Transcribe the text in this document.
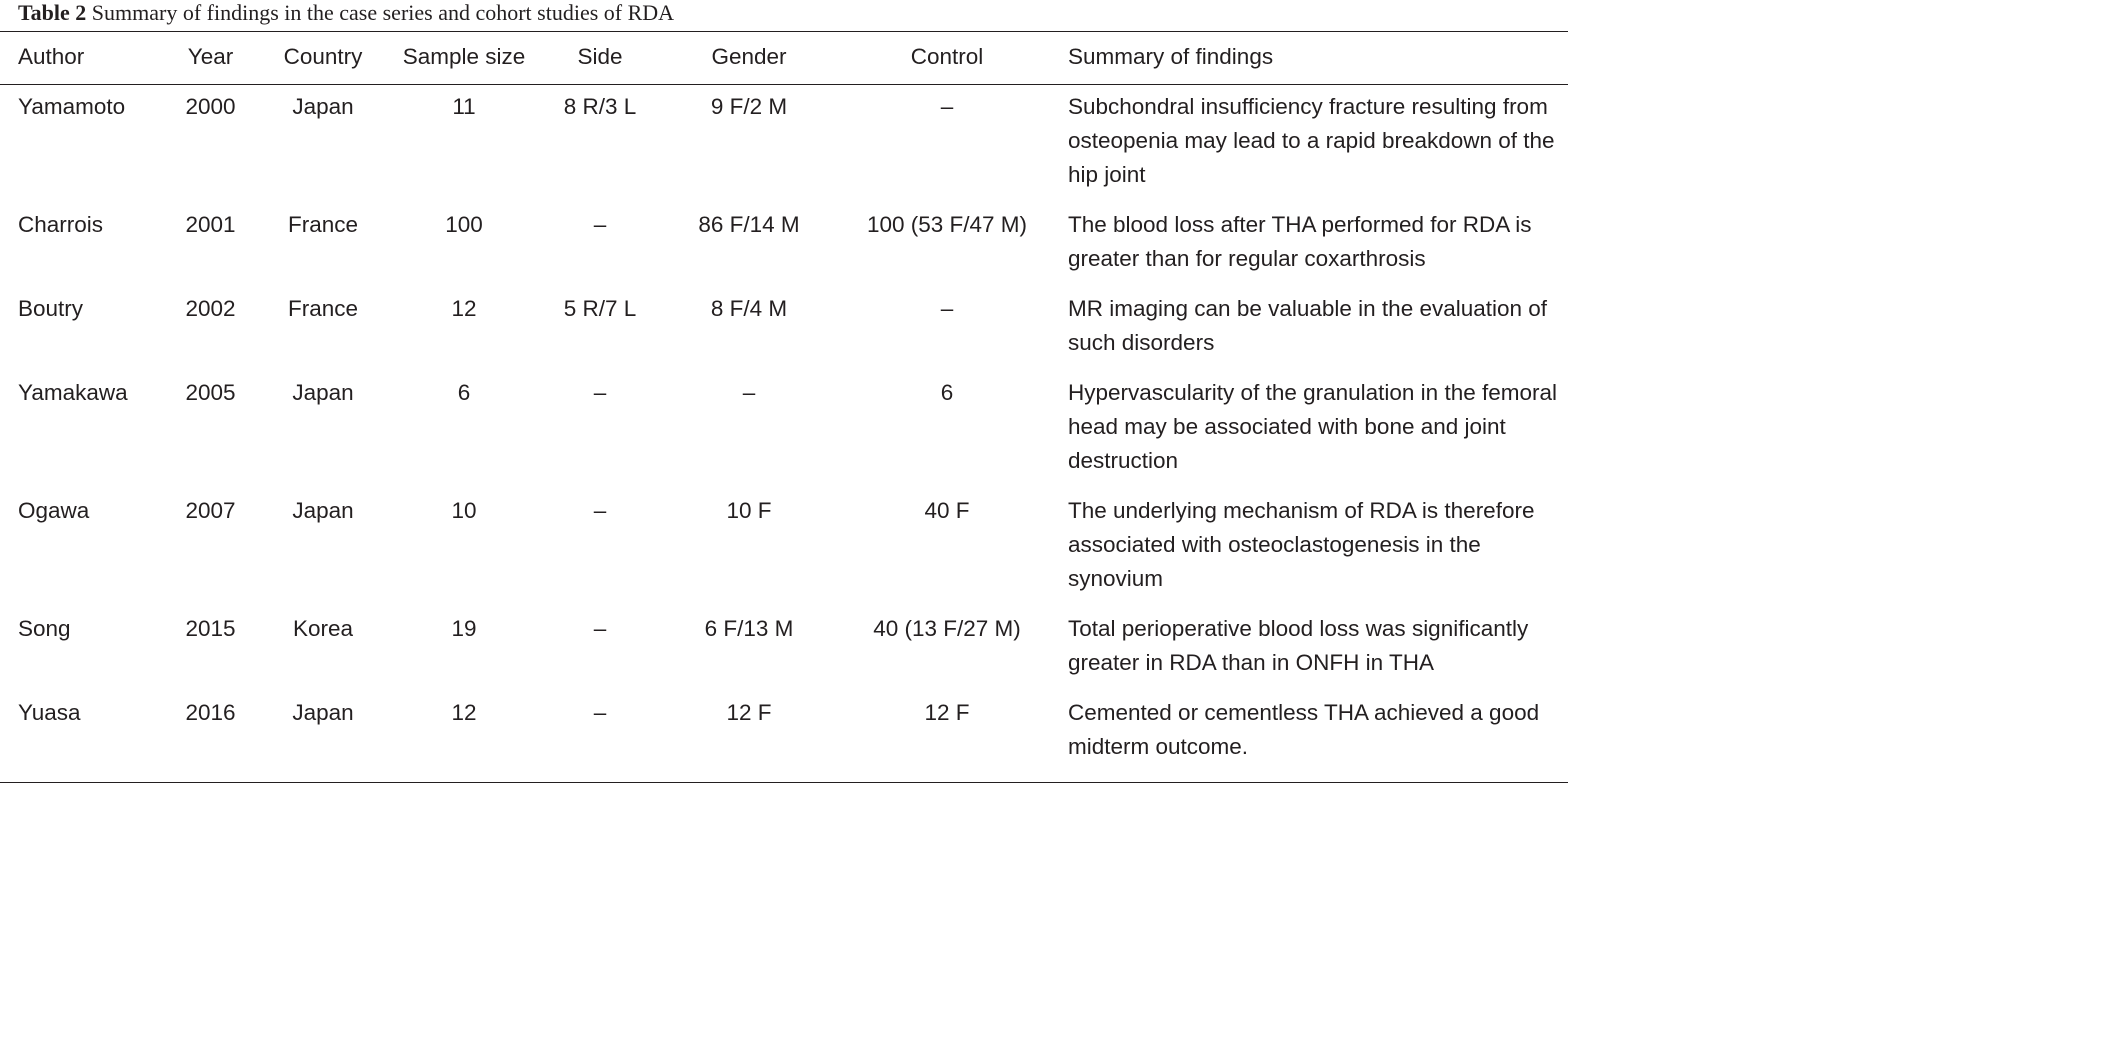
Table 2 Summary of findings in the case series and cohort studies of RDA
Author	Year	Country	Sample size	Side	Gender	Control	Summary of findings
Yamamoto	2000	Japan	11	8 R/3 L	9 F/2 M	–	Subchondral insufficiency fracture resulting from osteopenia may lead to a rapid breakdown of the hip joint
Charrois	2001	France	100	–	86 F/14 M	100 (53 F/47 M)	The blood loss after THA performed for RDA is greater than for regular coxarthrosis
Boutry	2002	France	12	5 R/7 L	8 F/4 M	–	MR imaging can be valuable in the evaluation of such disorders
Yamakawa	2005	Japan	6	–	–	6	Hypervascularity of the granulation in the femoral head may be associated with bone and joint destruction
Ogawa	2007	Japan	10	–	10 F	40 F	The underlying mechanism of RDA is therefore associated with osteoclastogenesis in the synovium
Song	2015	Korea	19	–	6 F/13 M	40 (13 F/27 M)	Total perioperative blood loss was significantly greater in RDA than in ONFH in THA
Yuasa	2016	Japan	12	–	12 F	12 F	Cemented or cementless THA achieved a good midterm outcome.
